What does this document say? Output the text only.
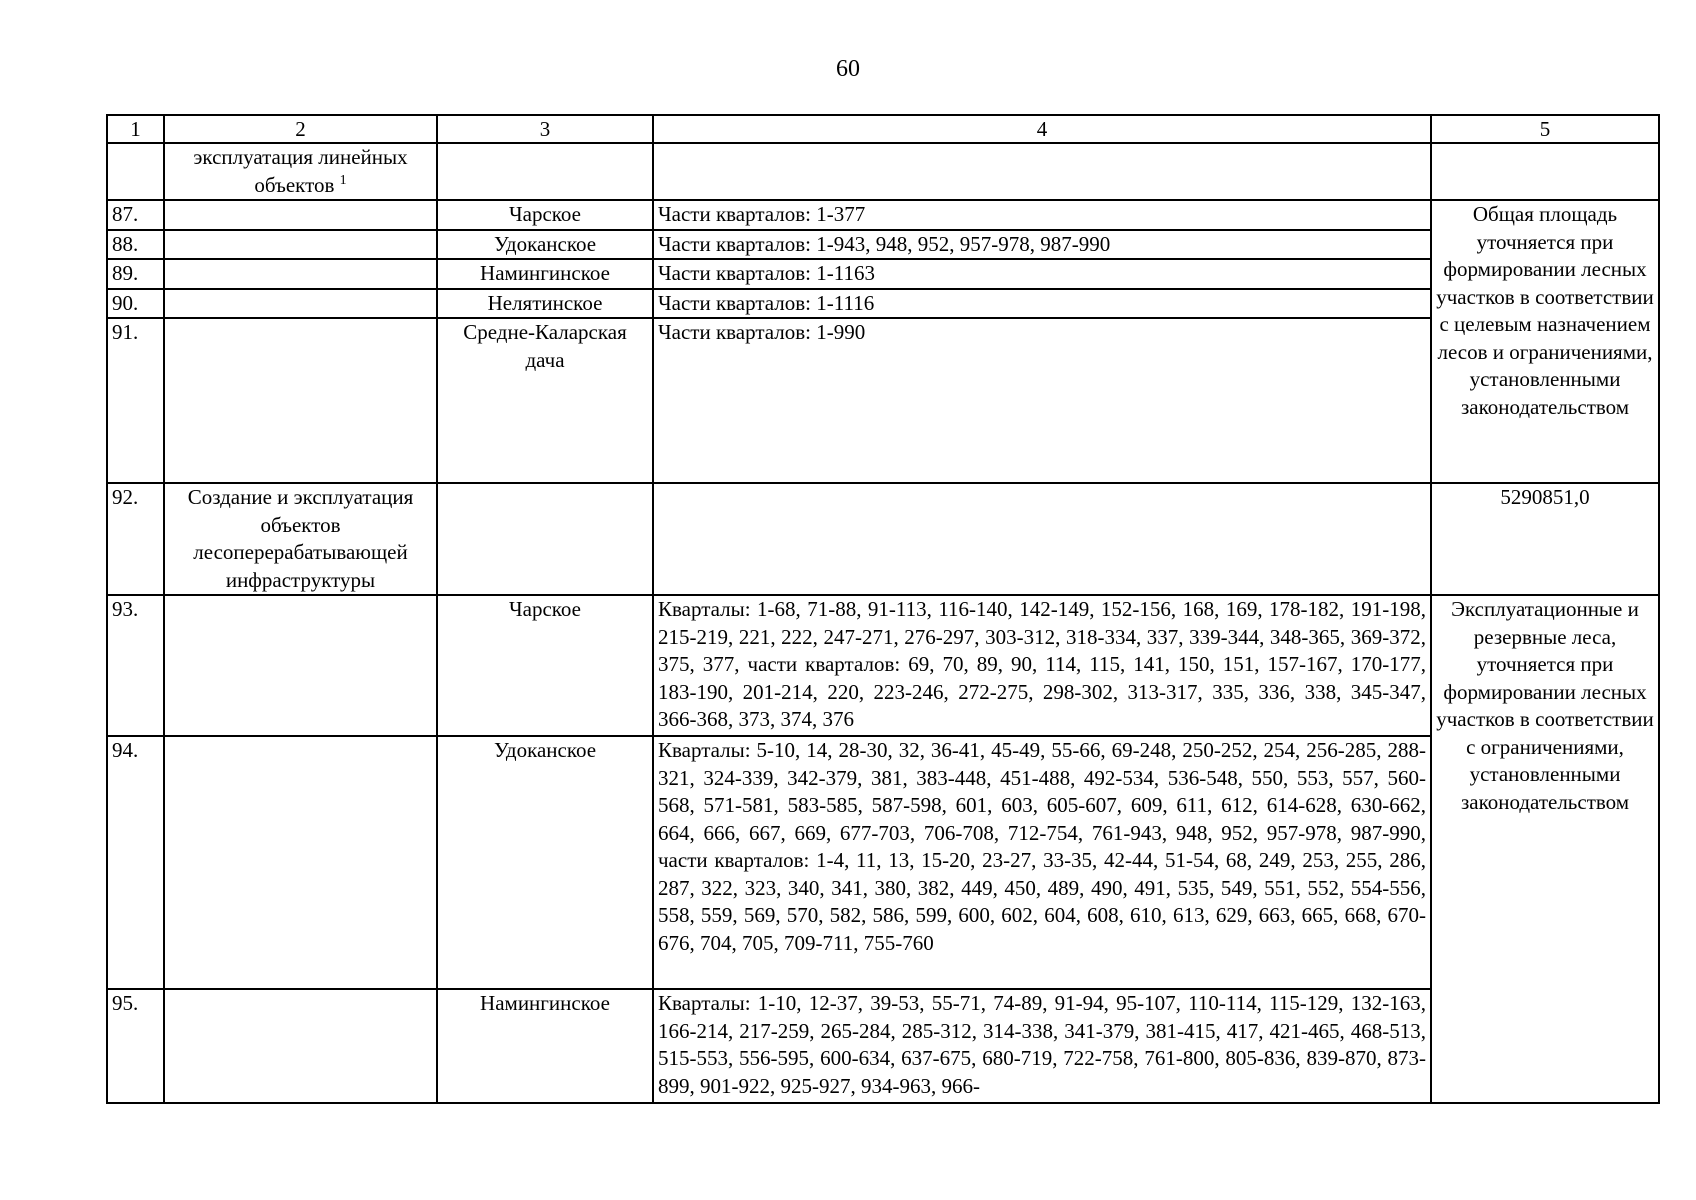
60
1	2	3	4	5
	эксплуатация линейных
объектов $^1$			
87.		Чарское	Части кварталов: 1-377	Общая площадь уточняется при формировании лесных участков в соответствии с целевым назначением лесов и ограничениями, установленными законодательством
88.		Удоканское	Части кварталов: 1-943, 948, 952, 957-978, 987-990	
89.		Намингинское	Части кварталов: 1-1163	
90.		Нелятинское	Части кварталов: 1-1116	
91.		Средне-Каларская дача	Части кварталов: 1-990	
92.	Создание и эксплуатация объектов лесоперерабатывающей инфраструктуры			5290851,0
93.		Чарское	Кварталы: 1-68, 71-88, 91-113, 116-140, 142-149, 152-156, 168, 169, 178-182, 191-198, 215-219, 221, 222, 247-271, 276-297, 303-312, 318-334, 337, 339-344, 348-365, 369-372, 375, 377, части кварталов: 69, 70, 89, 90, 114, 115, 141, 150, 151, 157-167, 170-177, 183-190, 201-214, 220, 223-246, 272-275, 298-302, 313-317, 335, 336, 338, 345-347, 366-368, 373, 374, 376	Эксплуатационные и резервные леса, уточняется при формировании лесных участков в соответствии с ограничениями, установленными законодательством
94.		Удоканское	Кварталы: 5-10, 14, 28-30, 32, 36-41, 45-49, 55-66, 69-248, 250-252, 254, 256-285, 288-321, 324-339, 342-379, 381, 383-448, 451-488, 492-534, 536-548, 550, 553, 557, 560-568, 571-581, 583-585, 587-598, 601, 603, 605-607, 609, 611, 612, 614-628, 630-662, 664, 666, 667, 669, 677-703, 706-708, 712-754, 761-943, 948, 952, 957-978, 987-990, части кварталов: 1-4, 11, 13, 15-20, 23-27, 33-35, 42-44, 51-54, 68, 249, 253, 255, 286, 287, 322, 323, 340, 341, 380, 382, 449, 450, 489, 490, 491, 535, 549, 551, 552, 554-556, 558, 559, 569, 570, 582, 586, 599, 600, 602, 604, 608, 610, 613, 629, 663, 665, 668, 670-676, 704, 705, 709-711, 755-760	
95.		Намингинское	Кварталы: 1-10, 12-37, 39-53, 55-71, 74-89, 91-94, 95-107, 110-114, 115-129, 132-163, 166-214, 217-259, 265-284, 285-312, 314-338, 341-379, 381-415, 417, 421-465, 468-513, 515-553, 556-595, 600-634, 637-675, 680-719, 722-758, 761-800, 805-836, 839-870, 873-899, 901-922, 925-927, 934-963, 966-	
